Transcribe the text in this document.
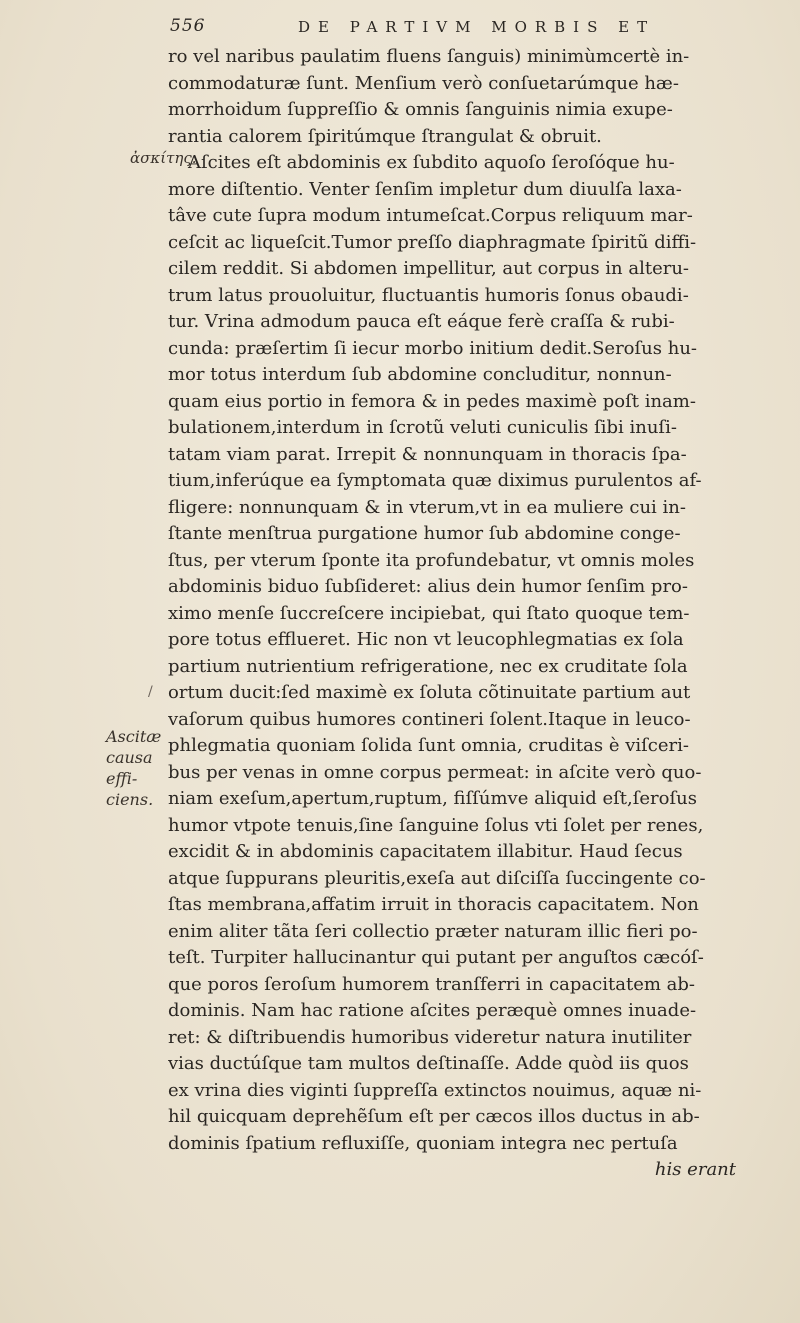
556	DE PARTIVM MORBIS ET
ἀσκίτης.
/
Ascitæ
causa effi-
ciens.
ro vel naribus paulatim fluens ſanguis) minimùmcertè in-
commodaturæ ſunt. Menſium verò conſuetarúmque hæ-
morrhoidum ſuppreſſio & omnis ſanguinis nimia exupe-
rantia calorem ſpiritúmque ſtrangulat & obruit.
Aſcites eſt abdominis ex ſubdito aquoſo ſeroſóque hu-
more diſtentio. Venter ſenſim impletur dum diuulſa laxa-
tâve cute ſupra modum intumeſcat.Corpus reliquum mar-
ceſcit ac liqueſcit.Tumor preſſo diaphragmate ſpiritũ diffi-
cilem reddit. Si abdomen impellitur, aut corpus in alteru-
trum latus prouoluitur, fluctuantis humoris ſonus obaudi-
tur. Vrina admodum pauca eſt eáque ferè craſſa & rubi-
cunda: præſertim ſi iecur morbo initium dedit.Seroſus hu-
mor totus interdum ſub abdomine concluditur, nonnun-
quam eius portio in femora & in pedes maximè poſt inam-
bulationem,interdum in ſcrotũ veluti cuniculis ſibi inuſi-
tatam viam parat. Irrepit & nonnunquam in thoracis ſpa-
tium,inferúque ea ſymptomata quæ diximus purulentos af-
fligere: nonnunquam & in vterum,vt in ea muliere cui in-
ſtante menſtrua purgatione humor ſub abdomine conge-
ſtus, per vterum ſponte ita profundebatur, vt omnis moles
abdominis biduo ſubſideret: alius dein humor ſenſim pro-
ximo menſe ſuccreſcere incipiebat, qui ſtato quoque tem-
pore totus efflueret. Hic non vt leucophlegmatias ex ſola
partium nutrientium refrigeratione, nec ex cruditate ſola
ortum ducit:ſed maximè ex ſoluta cõtinuitate partium aut
vaſorum quibus humores contineri ſolent.Itaque in leuco-
phlegmatia quoniam ſolida ſunt omnia, cruditas è viſceri-
bus per venas in omne corpus permeat: in aſcite verò quo-
niam exeſum,apertum,ruptum, fiſſúmve aliquid eſt,ſeroſus
humor vtpote tenuis,ſine ſanguine ſolus vti ſolet per renes,
excidit & in abdominis capacitatem illabitur. Haud ſecus
atque ſuppurans pleuritis,exeſa aut diſciſſa ſuccingente co-
ſtas membrana,affatim irruit in thoracis capacitatem. Non
enim aliter tãta ſeri collectio præter naturam illic fieri po-
teſt. Turpiter hallucinantur qui putant per anguſtos cæcóſ-
que poros ſeroſum humorem tranſferri in capacitatem ab-
dominis. Nam hac ratione aſcites peræquè omnes inuade-
ret: & diſtribuendis humoribus videretur natura inutiliter
vias ductúſque tam multos deſtinaſſe. Adde quòd iis quos
ex vrina dies viginti ſuppreſſa extinctos nouimus, aquæ ni-
hil quicquam deprehẽſum eſt per cæcos illos ductus in ab-
dominis ſpatium refluxiſſe, quoniam integra nec pertuſa
his erant
